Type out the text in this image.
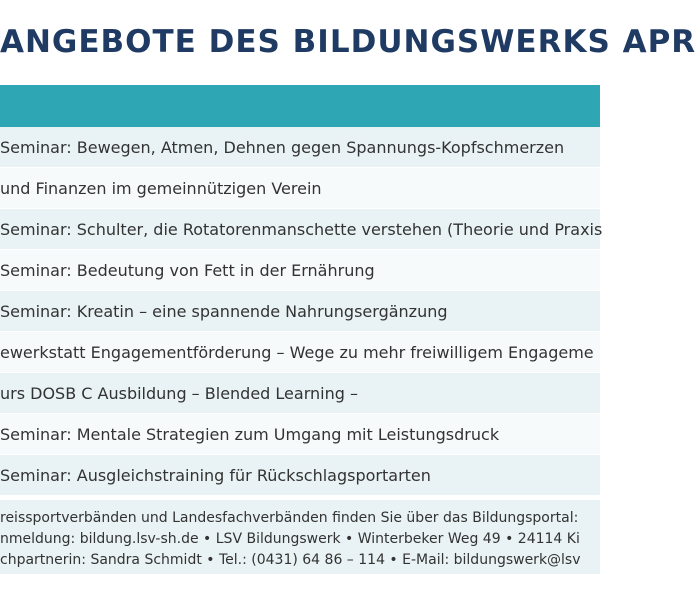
ANGEBOTE DES BILDUNGSWERKS APR
Seminar: Bewegen, Atmen, Dehnen gegen Spannungs-Kopfschmerzen
und Finanzen im gemeinnützigen Verein
Seminar: Schulter, die Rotatorenmanschette verstehen (Theorie und Praxis
Seminar: Bedeutung von Fett in der Ernährung
Seminar: Kreatin – eine spannende Nahrungsergänzung
ewerkstatt Engagementförderung – Wege zu mehr freiwilligem Engageme
urs DOSB C Ausbildung – Blended Learning –
Seminar: Mentale Strategien zum Umgang mit Leistungsdruck
Seminar: Ausgleichstraining für Rückschlagsportarten
reissportverbänden und Landesfachverbänden finden Sie über das Bildungsportal:
nmeldung: bildung.lsv-sh.de • LSV Bildungswerk • Winterbeker Weg 49 • 24114 Ki
chpartnerin: Sandra Schmidt • Tel.: (0431) 64 86 – 114 • E-Mail: bildungswerk@lsv
